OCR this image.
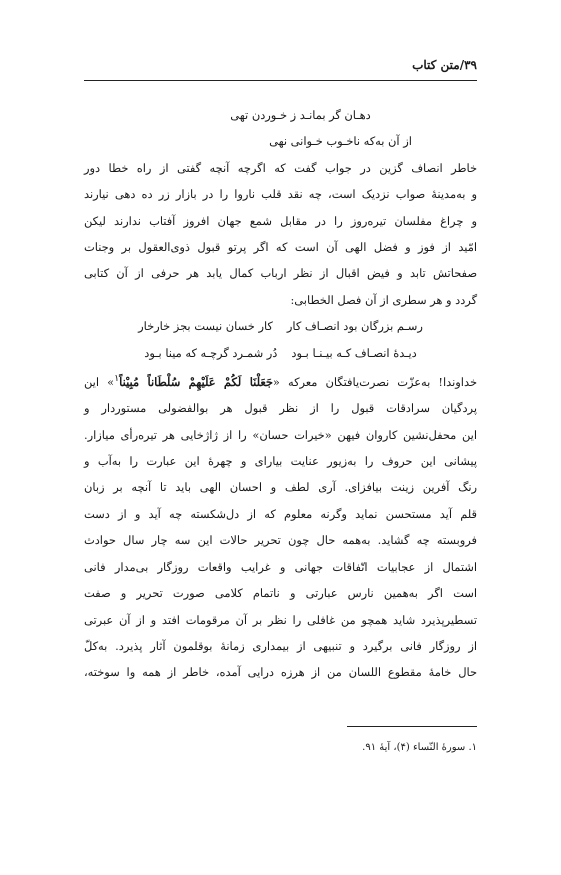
۳۹/متن کتاب
دهـان گر بمانـد ز خـوردن تهی
از آن به‌که ناخـوب خـوانی نهی

خاطر انصاف گزین در جواب گفت که اگرچه آنچه گفتی از راه خطا دور

و به‌مدینهٔ صواب نزدیک است، چه نقد قلب ناروا را در بازار زر ده دهی نیارند

و چراغ مفلسان تیره‌روز را در مقابل شمع جهان افروز آفتاب ندارند لیکن

امّید از فوز و فضل الهی آن است که اگر پرتو قبول ذوی‌العقول بر وجنات

صفحاتش تابد و فیض اقبال از نظر ارباب کمال یابد هر حرفی از آن کتابی

گردد و هر سطری از آن فصل الخطابی:

رسـم بزرگان بود انصـاف کار
کار خسان نیست بجز خارخار
دیـدهٔ انصـاف کـه بیـنـا بـود
دُر شمـرد گرچـه که مینا بـود

خداوندا! به‌عزّت نصرت‌یافتگان معرکه «جَعَلْنَا لَكُمْ عَلَيْهِمْ سُلْطَاناً مُبِيْناً$^۱$» این

پردگیان سرادقات قبول را از نظر قبول هر بوالفضولی مستوردار و

این محفل‌نشین کاروان فیهن «خیرات حسان» را از ژاژخایی هر تیره‌رأی میازار.

پیشانی این حروف را به‌زیور عنایت بیارای و چهرهٔ این عبارت را به‌آب و

رنگ آفرین زینت بیافزای. آری لطف و احسان الهی باید تا آنچه بر زبان

قلم آید مستحسن نماید وگرنه معلوم که از دل‌شکسته چه آید و از دست

فروبسته چه گشاید. به‌همه حال چون تحریر حالات این سه چار سال حوادث

اشتمال از عجابیات اتّفاقات جهانی و غرایب واقعات روزگار بی‌مدار فانی

است اگر به‌همین نارس عبارتی و ناتمام کلامی صورت تحریر و صفت

تسطیرپذیرد شاید همچو من غافلی را نظر بر آن مرقومات افتد و از آن عبرتی

از روزگار فانی برگیرد و تنبیهی از بیمداری زمانهٔ بوقلمون آثار پذیرد. به‌کلّ

حال خامهٔ مقطوع اللسان من از هرزه درایی آمده، خاطر از همه وا سوخته،

۱. سورهٔ النّساء (۴)، آیهٔ ۹۱.
